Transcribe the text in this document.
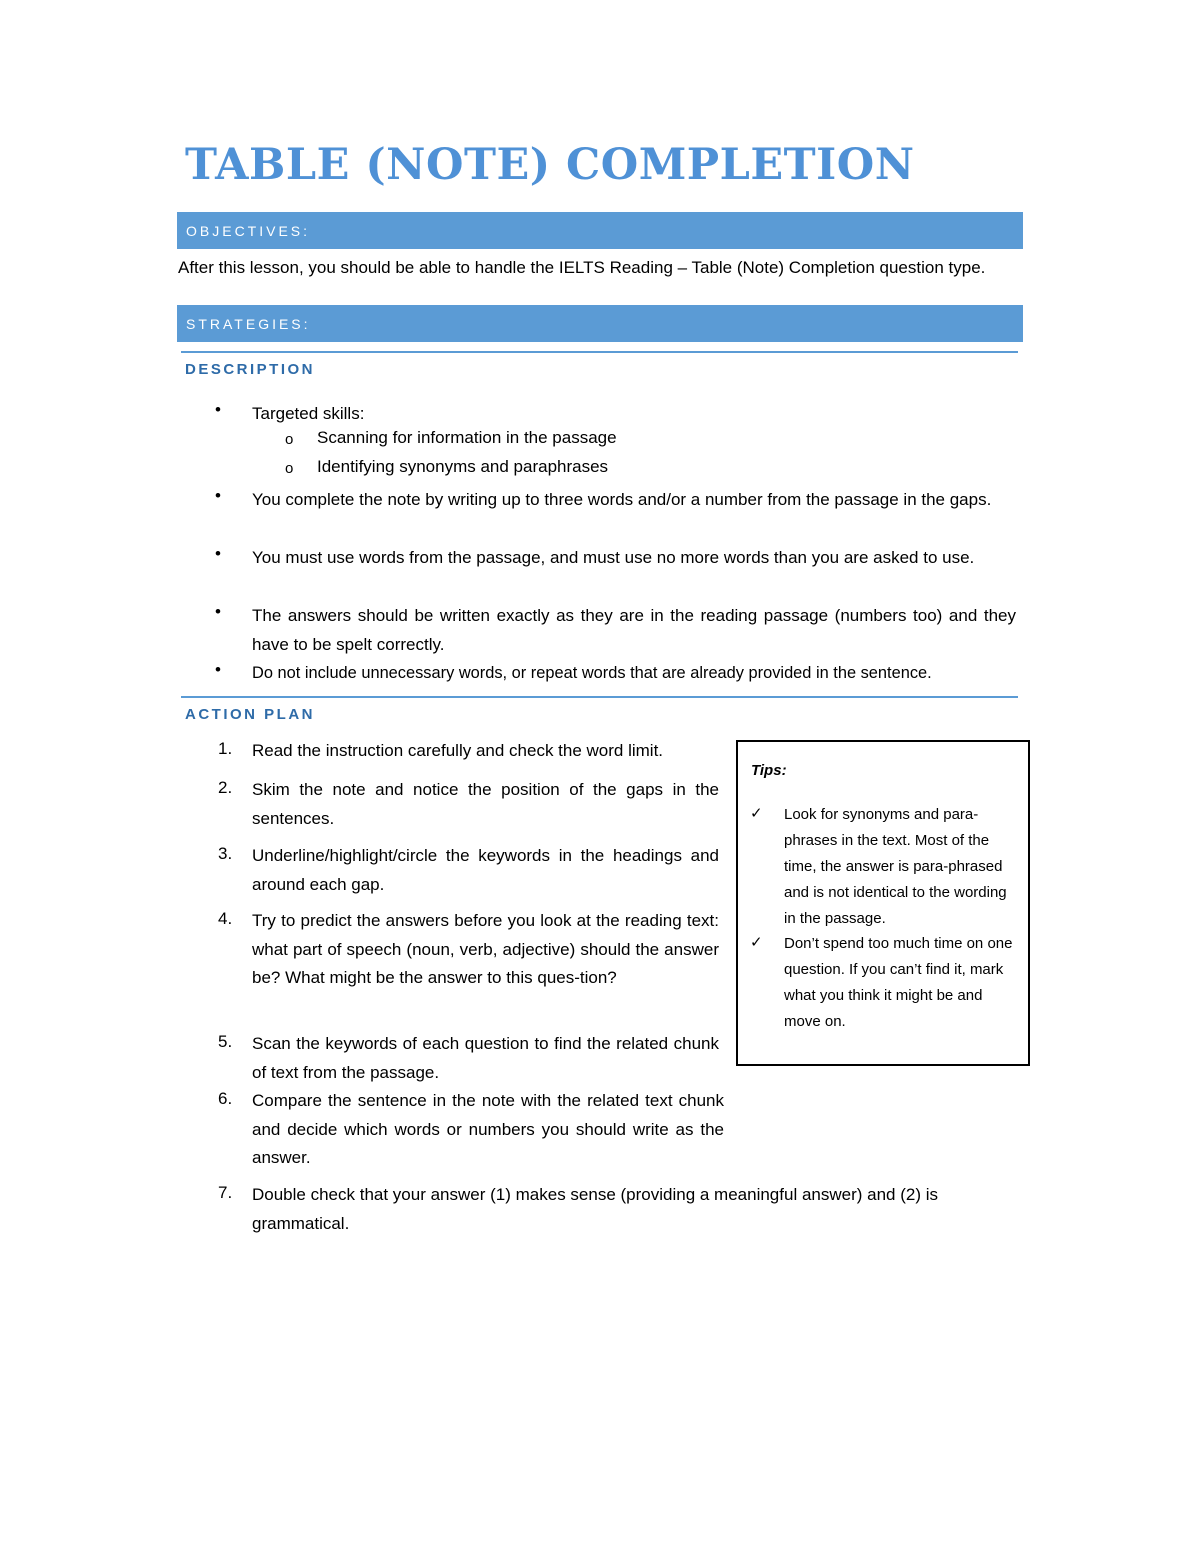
TABLE (NOTE) COMPLETION
OBJECTIVES:
After this lesson, you should be able to handle the IELTS Reading – Table (Note) Completion question type.
STRATEGIES:
DESCRIPTION
• Targeted skills:
o Scanning for information in the passage
o Identifying synonyms and paraphrases
• You complete the note by writing up to three words and/or a number from the passage in the gaps.
• You must use words from the passage, and must use no more words than you are asked to use.
• The answers should be written exactly as they are in the reading passage (numbers too) and they have to be spelt correctly.
• Do not include unnecessary words, or repeat words that are already provided in the sentence.
ACTION PLAN
1. Read the instruction carefully and check the word limit.
2. Skim the note and notice the position of the gaps in the sentences.
3. Underline/highlight/circle the keywords in the headings and around each gap.
4. Try to predict the answers before you look at the reading text: what part of speech (noun, verb, adjective) should the answer be? What might be the answer to this ques-tion?
5. Scan the keywords of each question to find the related chunk of text from the passage.
6. Compare the sentence in the note with the related text chunk and decide which words or numbers you should write as the answer.
7. Double check that your answer (1) makes sense (providing a meaningful answer) and (2) is grammatical.
Tips:
✓ Look for synonyms and para-phrases in the text. Most of the time, the answer is para-phrased and is not identical to the wording in the passage.
✓ Don’t spend too much time on one question. If you can’t find it, mark what you think it might be and move on.
